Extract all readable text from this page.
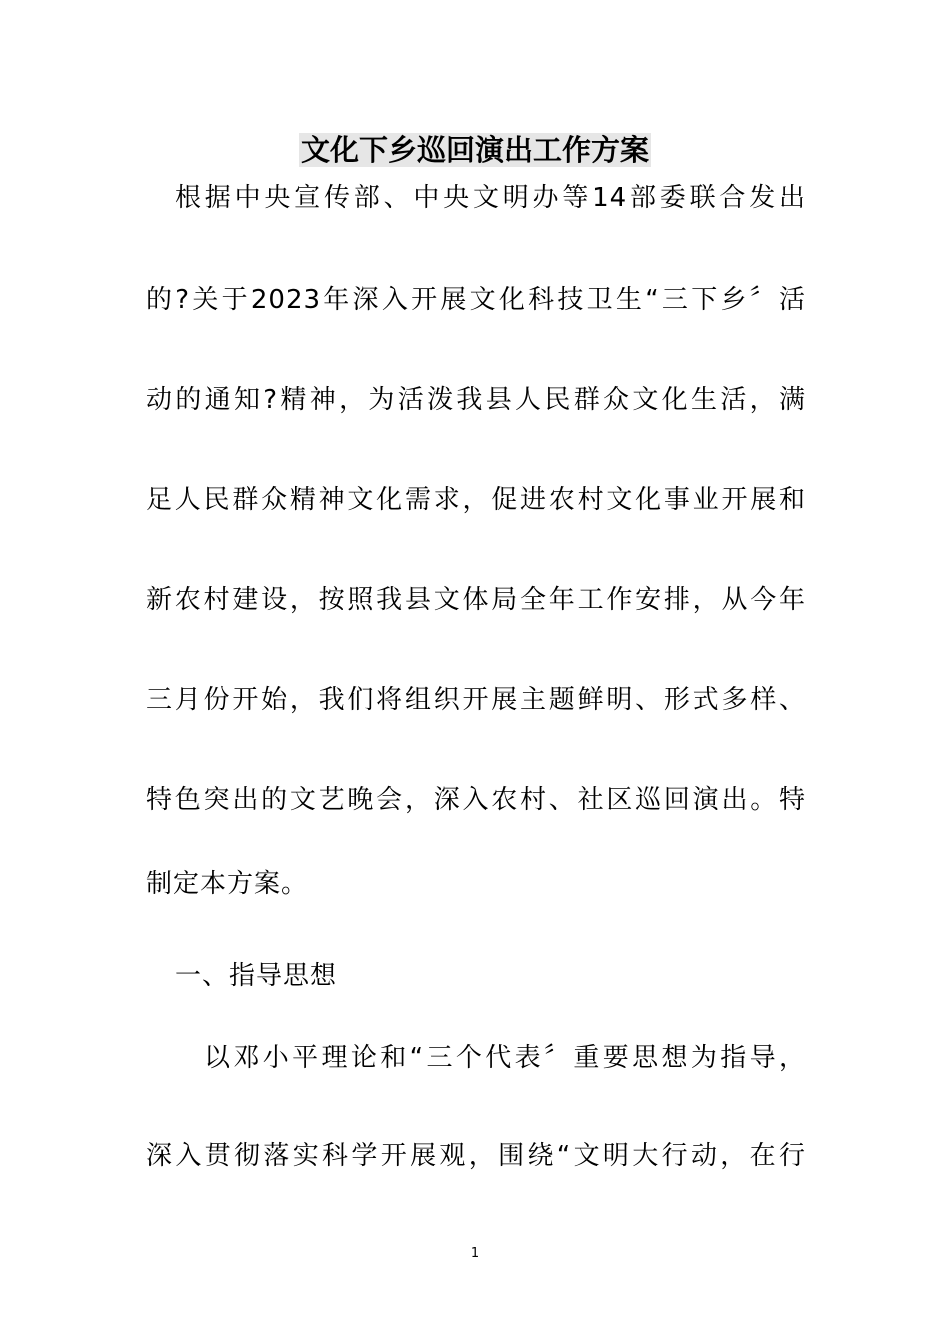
文化下乡巡回演出工作方案
根据中央宣传部、中央文明办等14部委联合发出
的?关于2023年深入开展文化科技卫生“三下乡〞活
动的通知?精神，为活泼我县人民群众文化生活，满
足人民群众精神文化需求，促进农村文化事业开展和
新农村建设，按照我县文体局全年工作安排，从今年
三月份开始，我们将组织开展主题鲜明、形式多样、
特色突出的文艺晚会，深入农村、社区巡回演出。特
制定本方案。
一、指导思想
以邓小平理论和“三个代表〞重要思想为指导，
深入贯彻落实科学开展观，围绕“文明大行动，在行
1
